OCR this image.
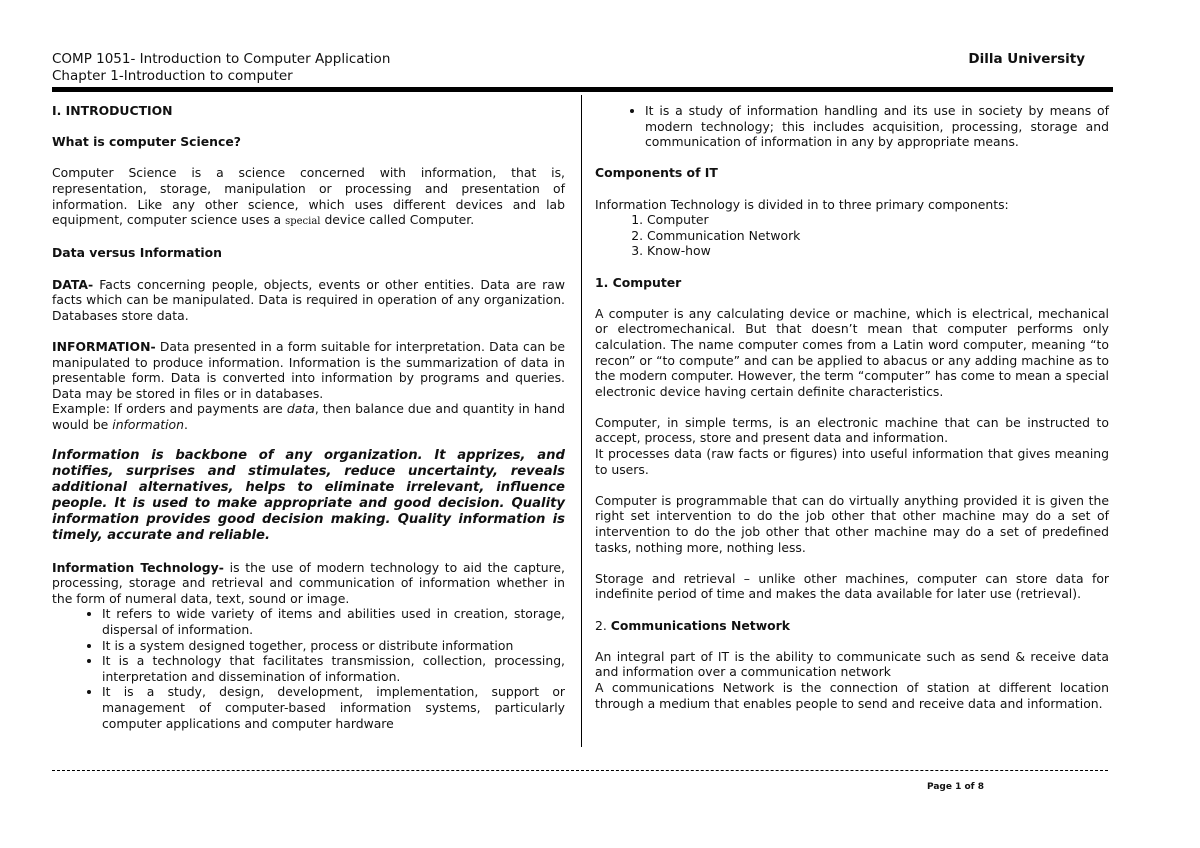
COMP 1051- Introduction to Computer Application
Chapter 1-Introduction to computer
Dilla University
I. INTRODUCTION
What is computer Science?

Computer Science is a science concerned with information, that is, representation, storage, manipulation or processing and presentation of information. Like any other science, which uses different devices and lab equipment, computer science uses a special device called Computer.

Data versus Information

DATA- Facts concerning people, objects, events or other entities. Data are raw facts which can be manipulated. Data is required in operation of any organization. Databases store data.

INFORMATION- Data presented in a form suitable for interpretation. Data can be manipulated to produce information. Information is the summarization of data in presentable form. Data is converted into information by programs and queries. Data may be stored in files or in databases.

Example: If orders and payments are data, then balance due and quantity in hand would be information.

Information is backbone of any organization. It apprizes, and notifies, surprises and stimulates, reduce uncertainty, reveals additional alternatives, helps to eliminate irrelevant, influence people. It is used to make appropriate and good decision. Quality information provides good decision making. Quality information is timely, accurate and reliable.

Information Technology- is the use of modern technology to aid the capture, processing, storage and retrieval and communication of information whether in the form of numeral data, text, sound or image.
• It refers to wide variety of items and abilities used in creation, storage, dispersal of information.
• It is a system designed together, process or distribute information
• It is a technology that facilitates transmission, collection, processing, interpretation and dissemination of information.
• It is a study, design, development, implementation, support or management of computer-based information systems, particularly computer applications and computer hardware
• It is a study of information handling and its use in society by means of modern technology; this includes acquisition, processing, storage and communication of information in any by appropriate means.
Components of IT
Information Technology is divided in to three primary components:
1. Computer
2. Communication Network
3. Know-how
1. Computer

A computer is any calculating device or machine, which is electrical, mechanical or electromechanical. But that doesn’t mean that computer performs only calculation. The name computer comes from a Latin word computer, meaning “to recon” or “to compute” and can be applied to abacus or any adding machine as to the modern computer. However, the term “computer” has come to mean a special electronic device having certain definite characteristics.

Computer, in simple terms, is an electronic machine that can be instructed to accept, process, store and present data and information.

It processes data (raw facts or figures) into useful information that gives meaning to users.

Computer is programmable that can do virtually anything provided it is given the right set intervention to do the job other that other machine may do a set of intervention to do the job other that other machine may do a set of predefined tasks, nothing more, nothing less.

Storage and retrieval – unlike other machines, computer can store data for indefinite period of time and makes the data available for later use (retrieval).

2. Communications Network
An integral part of IT is the ability to communicate such as send & receive data and information over a communication network
A communications Network is the connection of station at different location through a medium that enables people to send and receive data and information.
Page 1 of 8
